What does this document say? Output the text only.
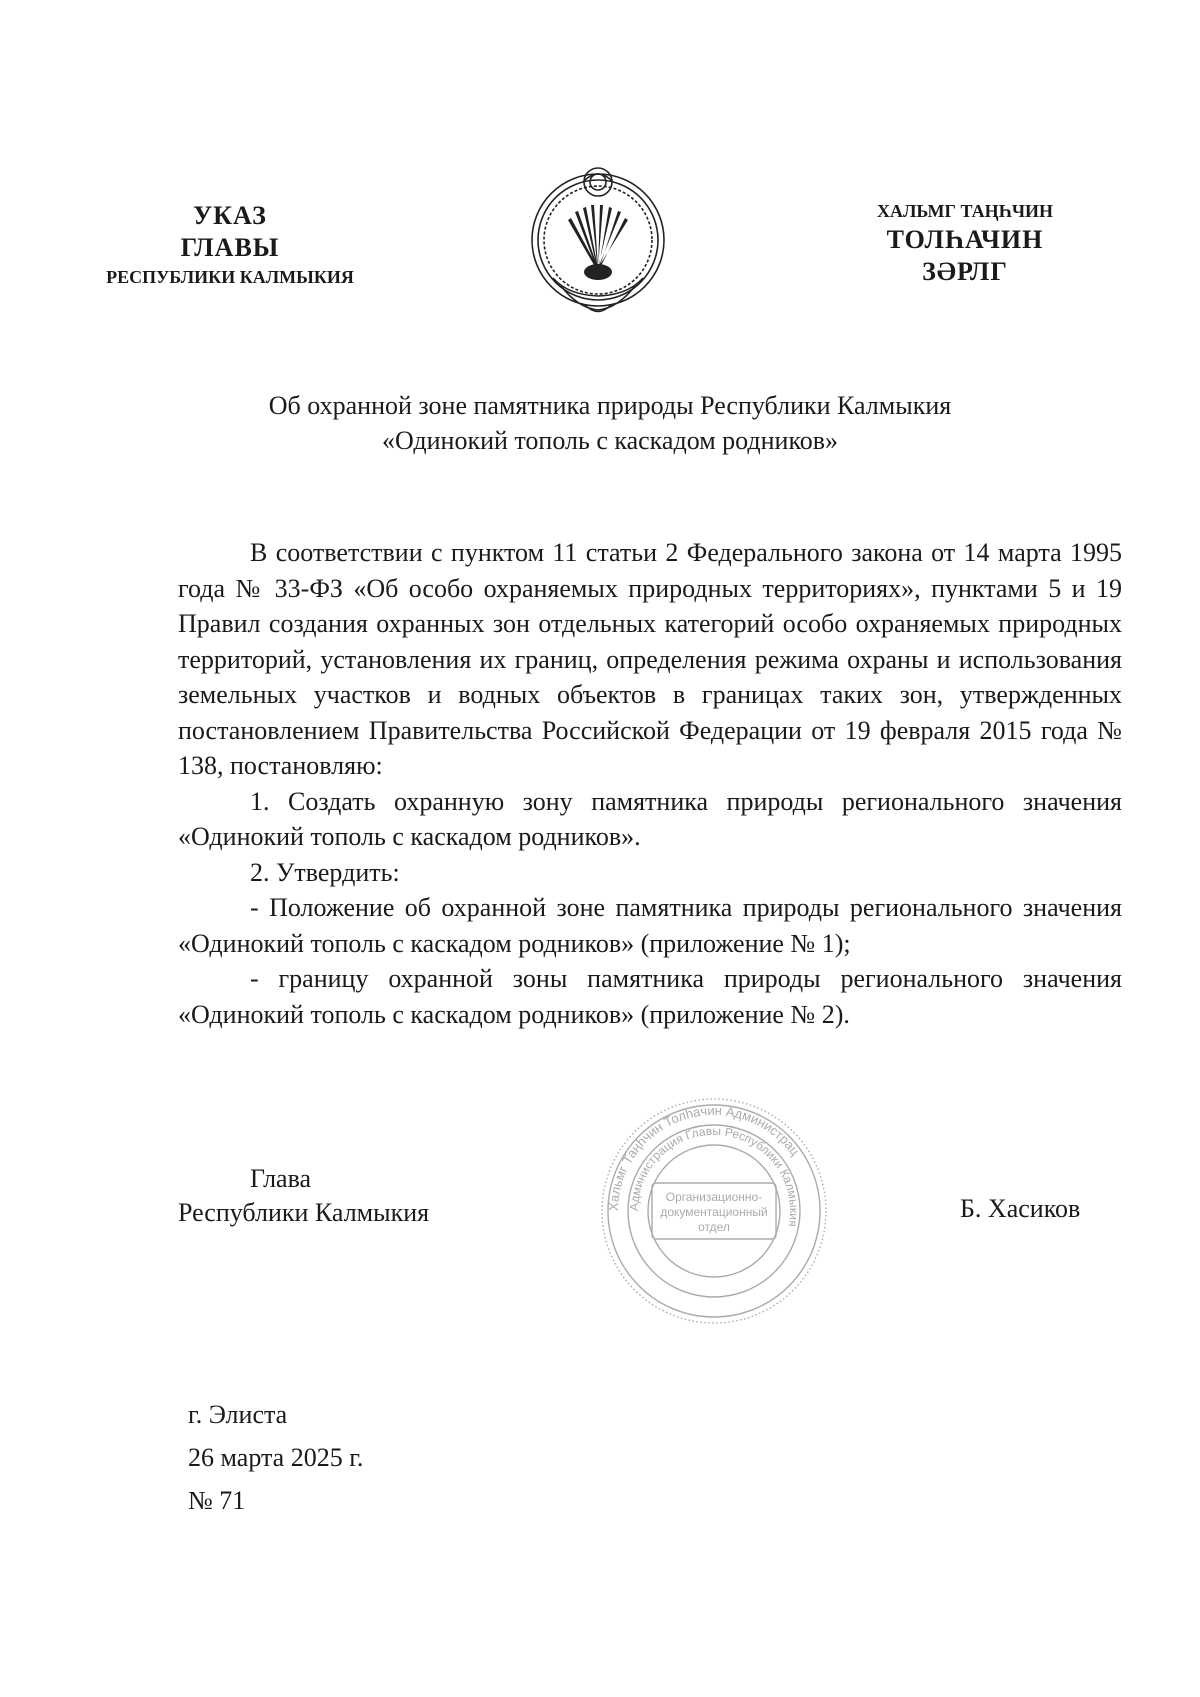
УКАЗ
ГЛАВЫ
РЕСПУБЛИКИ КАЛМЫКИЯ
ХАЛЬМГ ТАҢҺЧИН
ТОЛҺАЧИН
ЗӘРЛГ
Об охранной зоне памятника природы Республики Калмыкия
«Одинокий тополь с каскадом родников»

В соответствии с пунктом 11 статьи 2 Федерального закона от 14 марта 1995 года № 33-ФЗ «Об особо охраняемых природных территориях», пунктами 5 и 19 Правил создания охранных зон отдельных категорий особо охраняемых природных территорий, установления их границ, определения режима охраны и использования земельных участков и водных объектов в границах таких зон, утвержденных постановлением Правительства Российской Федерации от 19 февраля 2015 года № 138, постановляю:

1. Создать охранную зону памятника природы регионального значения «Одинокий тополь с каскадом родников».

2. Утвердить:

- Положение об охранной зоне памятника природы регионального значения «Одинокий тополь с каскадом родников» (приложение № 1);

- границу охранной зоны памятника природы регионального значения «Одинокий тополь с каскадом родников» (приложение № 2).

Глава
Республики Калмыкия	Хальмг Таңһчин Толһачин Администрац
Администрация Главы Республики Калмыкия
Организационно-
документационный
отдел
Б. Хасиков
г. Элиста
26 марта 2025 г.
№ 71
